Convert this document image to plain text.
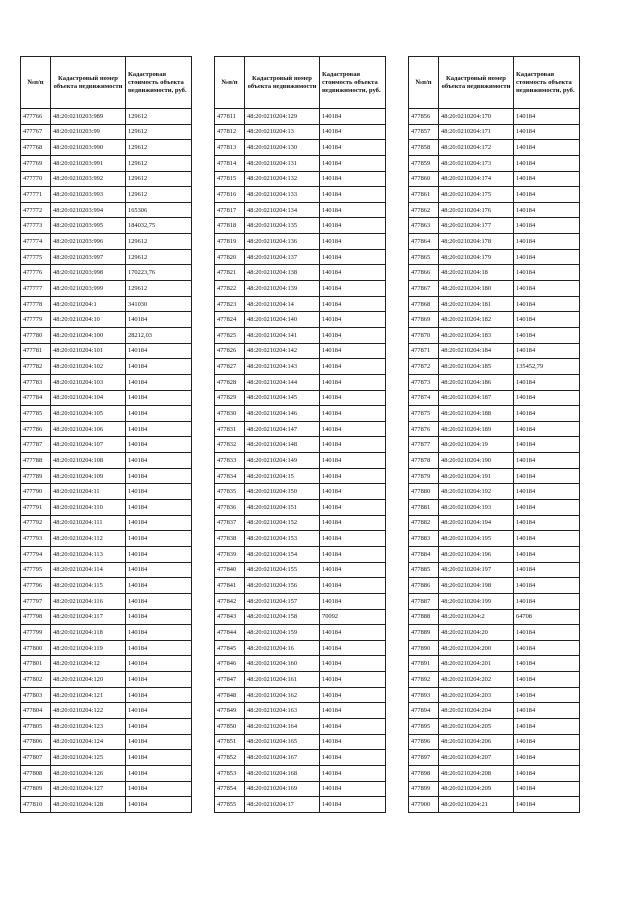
№п/п	Кадастровый номер объекта недвижимости	Кадастровая стоимость объекта недвижимости, руб.
477766	48:20:0210203:989	129612
477767	48:20:0210203:99	129612
477768	48:20:0210203:990	129612
477769	48:20:0210203:991	129612
477770	48:20:0210203:992	129612
477771	48:20:0210203:993	129612
477772	48:20:0210203:994	165306
477773	48:20:0210203:995	184032,75
477774	48:20:0210203:996	129612
477775	48:20:0210203:997	129612
477776	48:20:0210203:998	170223,76
477777	48:20:0210203:999	129612
477778	48:20:0210204:1	341030
477779	48:20:0210204:10	140184
477780	48:20:0210204:100	28212,03
477781	48:20:0210204:101	140184
477782	48:20:0210204:102	140184
477783	48:20:0210204:103	140184
477784	48:20:0210204:104	140184
477785	48:20:0210204:105	140184
477786	48:20:0210204:106	140184
477787	48:20:0210204:107	140184
477788	48:20:0210204:108	140184
477789	48:20:0210204:109	140184
477790	48:20:0210204:11	140184
477791	48:20:0210204:110	140184
477792	48:20:0210204:111	140184
477793	48:20:0210204:112	140184
477794	48:20:0210204:113	140184
477795	48:20:0210204:114	140184
477796	48:20:0210204:115	140184
477797	48:20:0210204:116	140184
477798	48:20:0210204:117	140184
477799	48:20:0210204:118	140184
477800	48:20:0210204:119	140184
477801	48:20:0210204:12	140184
477802	48:20:0210204:120	140184
477803	48:20:0210204:121	140184
477804	48:20:0210204:122	140184
477805	48:20:0210204:123	140184
477806	48:20:0210204:124	140184
477807	48:20:0210204:125	140184
477808	48:20:0210204:126	140184
477809	48:20:0210204:127	140184
477810	48:20:0210204:128	140184
№п/п	Кадастровый номер объекта недвижимости	Кадастровая стоимость объекта недвижимости, руб.
477811	48:20:0210204:129	140184
477812	48:20:0210204:13	140184
477813	48:20:0210204:130	140184
477814	48:20:0210204:131	140184
477815	48:20:0210204:132	140184
477816	48:20:0210204:133	140184
477817	48:20:0210204:134	140184
477818	48:20:0210204:135	140184
477819	48:20:0210204:136	140184
477820	48:20:0210204:137	140184
477821	48:20:0210204:138	140184
477822	48:20:0210204:139	140184
477823	48:20:0210204:14	140184
477824	48:20:0210204:140	140184
477825	48:20:0210204:141	140184
477826	48:20:0210204:142	140184
477827	48:20:0210204:143	140184
477828	48:20:0210204:144	140184
477829	48:20:0210204:145	140184
477830	48:20:0210204:146	140184
477831	48:20:0210204:147	140184
477832	48:20:0210204:148	140184
477833	48:20:0210204:149	140184
477834	48:20:0210204:15	140184
477835	48:20:0210204:150	140184
477836	48:20:0210204:151	140184
477837	48:20:0210204:152	140184
477838	48:20:0210204:153	140184
477839	48:20:0210204:154	140184
477840	48:20:0210204:155	140184
477841	48:20:0210204:156	140184
477842	48:20:0210204:157	140184
477843	48:20:0210204:158	70092
477844	48:20:0210204:159	140184
477845	48:20:0210204:16	140184
477846	48:20:0210204:160	140184
477847	48:20:0210204:161	140184
477848	48:20:0210204:162	140184
477849	48:20:0210204:163	140184
477850	48:20:0210204:164	140184
477851	48:20:0210204:165	140184
477852	48:20:0210204:167	140184
477853	48:20:0210204:168	140184
477854	48:20:0210204:169	140184
477855	48:20:0210204:17	140184
№п/п	Кадастровый номер объекта недвижимости	Кадастровая стоимость объекта недвижимости, руб.
477856	48:20:0210204:170	140184
477857	48:20:0210204:171	140184
477858	48:20:0210204:172	140184
477859	48:20:0210204:173	140184
477860	48:20:0210204:174	140184
477861	48:20:0210204:175	140184
477862	48:20:0210204:176	140184
477863	48:20:0210204:177	140184
477864	48:20:0210204:178	140184
477865	48:20:0210204:179	140184
477866	48:20:0210204:18	140184
477867	48:20:0210204:180	140184
477868	48:20:0210204:181	140184
477869	48:20:0210204:182	140184
477870	48:20:0210204:183	140184
477871	48:20:0210204:184	140184
477872	48:20:0210204:185	135452,79
477873	48:20:0210204:186	140184
477874	48:20:0210204:187	140184
477875	48:20:0210204:188	140184
477876	48:20:0210204:189	140184
477877	48:20:0210204:19	140184
477878	48:20:0210204:190	140184
477879	48:20:0210204:191	140184
477880	48:20:0210204:192	140184
477881	48:20:0210204:193	140184
477882	48:20:0210204:194	140184
477883	48:20:0210204:195	140184
477884	48:20:0210204:196	140184
477885	48:20:0210204:197	140184
477886	48:20:0210204:198	140184
477887	48:20:0210204:199	140184
477888	48:20:0210204:2	64708
477889	48:20:0210204:20	140184
477890	48:20:0210204:200	140184
477891	48:20:0210204:201	140184
477892	48:20:0210204:202	140184
477893	48:20:0210204:203	140184
477894	48:20:0210204:204	140184
477895	48:20:0210204:205	140184
477896	48:20:0210204:206	140184
477897	48:20:0210204:207	140184
477898	48:20:0210204:208	140184
477899	48:20:0210204:209	140184
477900	48:20:0210204:21	140184
